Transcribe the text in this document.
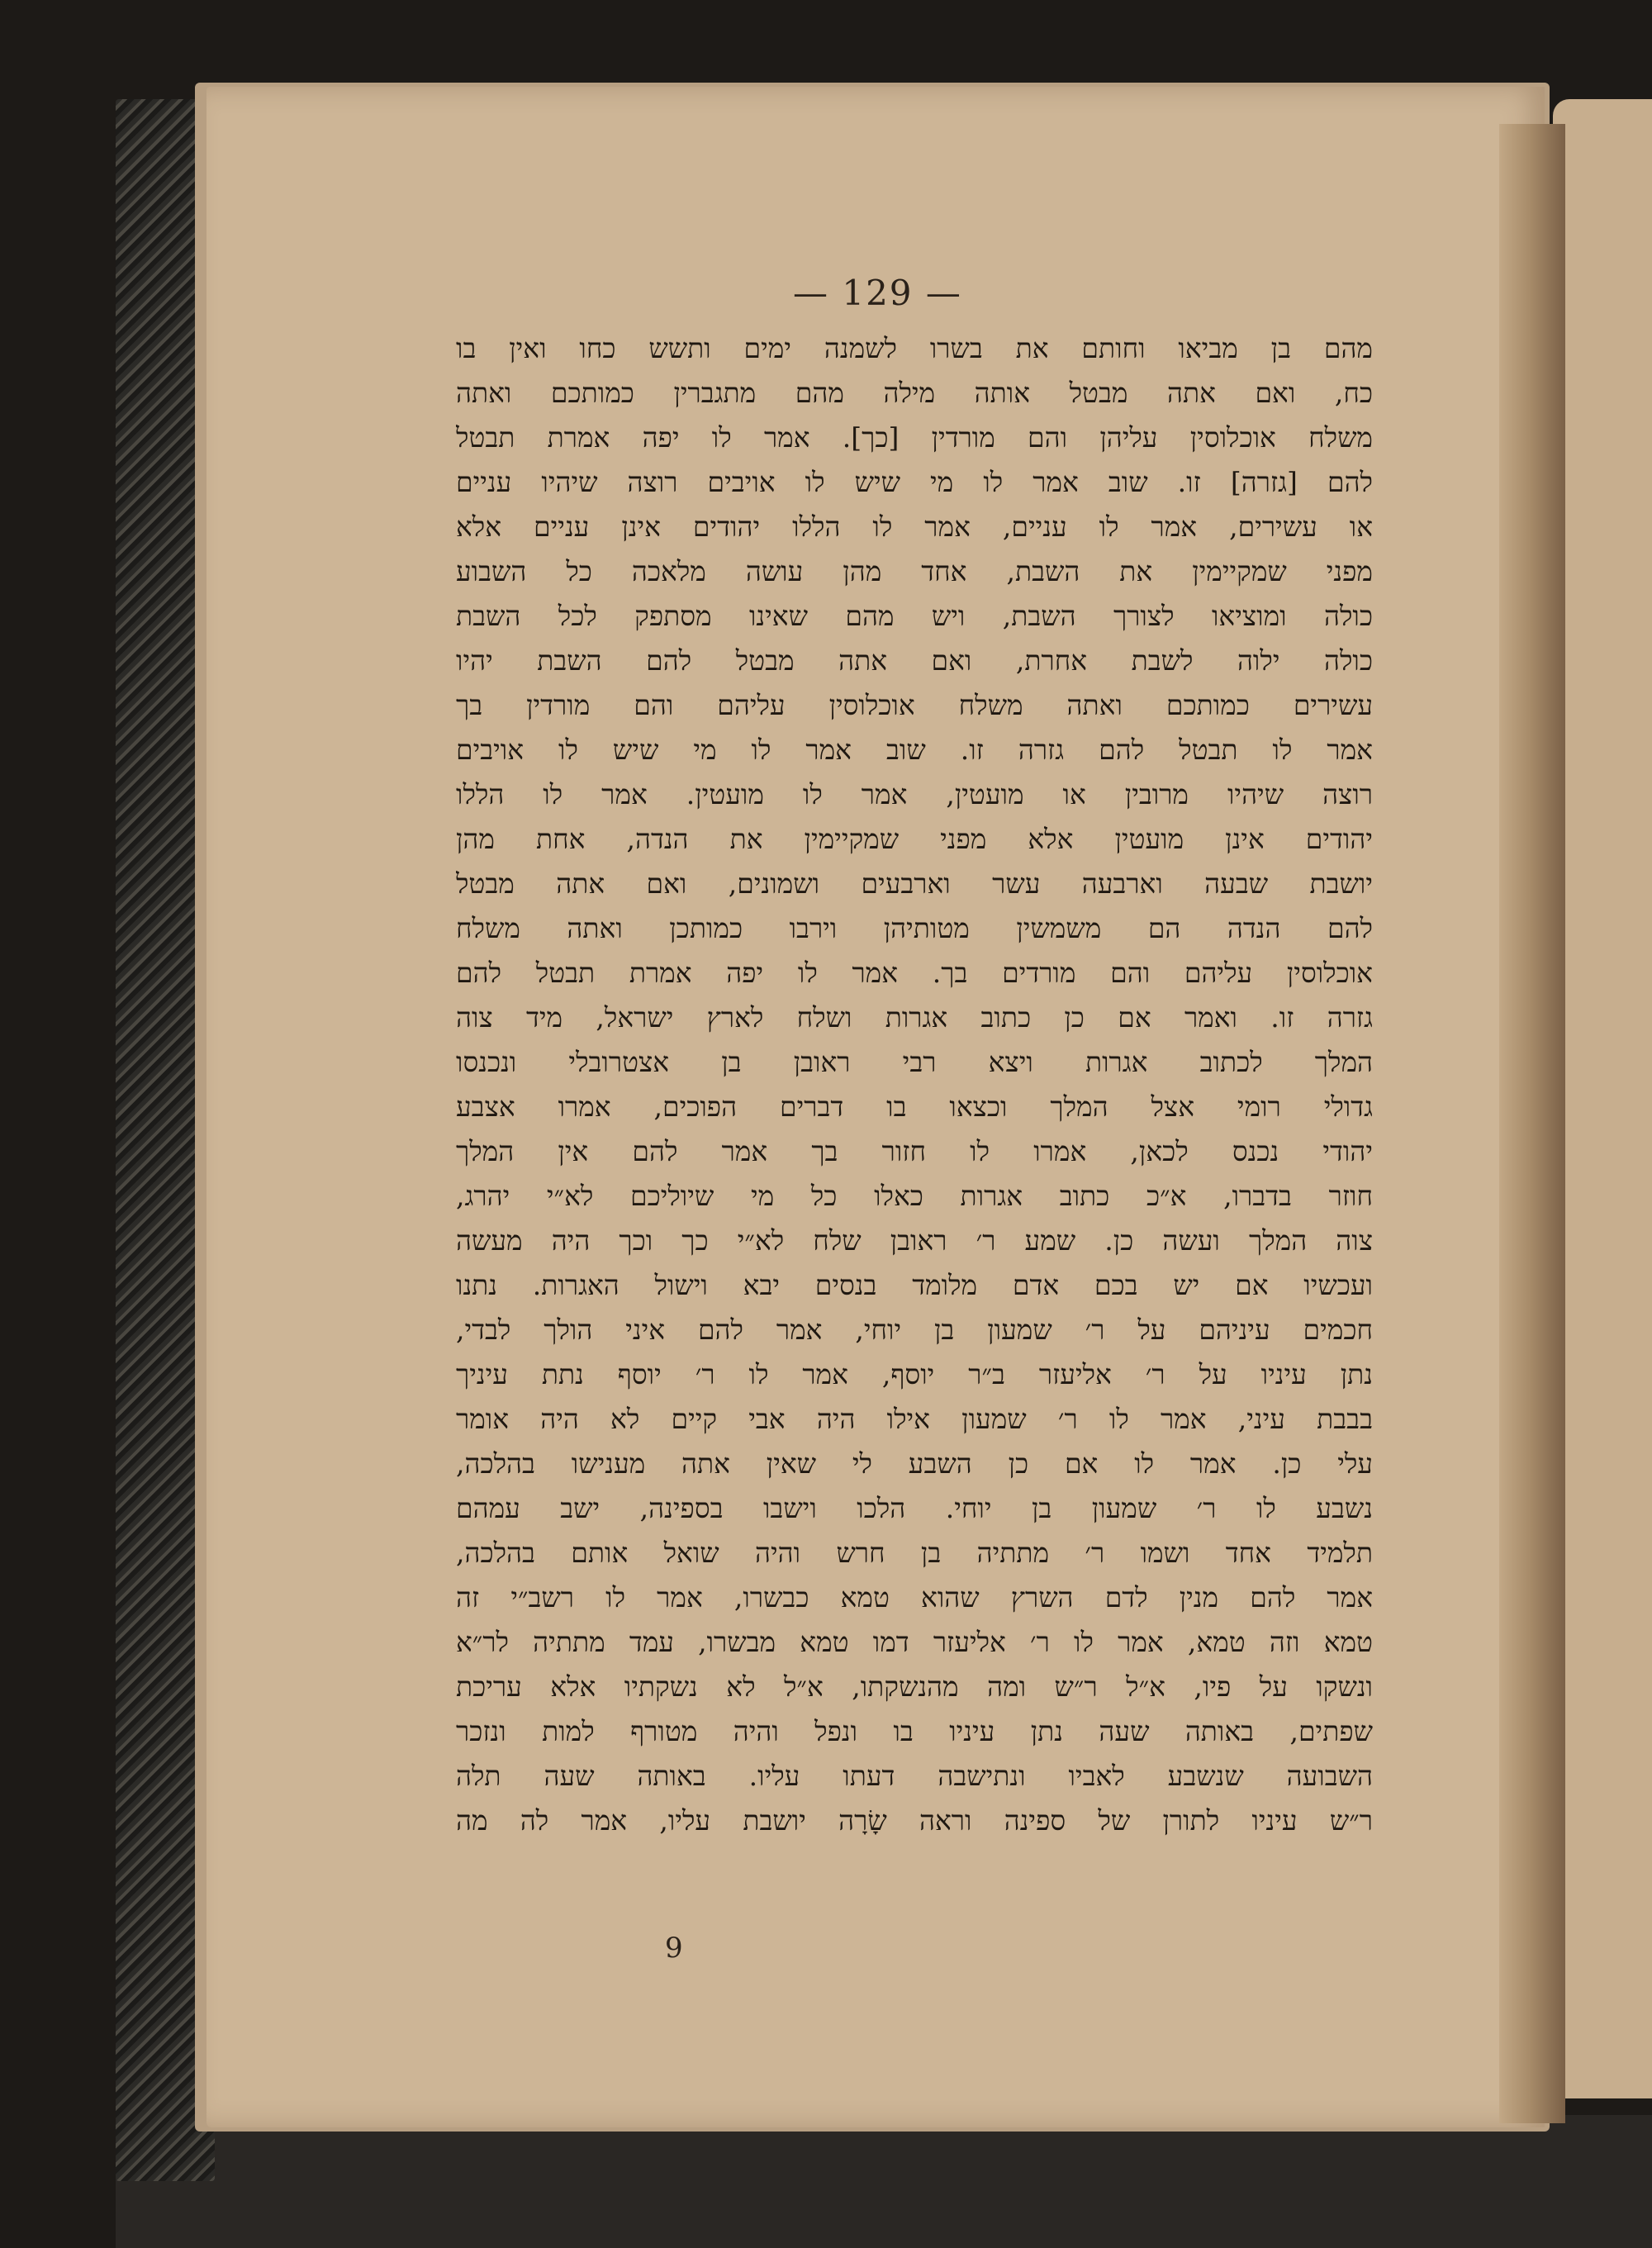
— 129 —
מהם בן מביאו וחותם את בשרו לשמנה ימים ותשש כחו ואין בו
כח, ואם אתה מבטל אותה מילה מהם מתגברין כמותכם ואתה
משלח אוכלוסין עליהן והם מורדין [כך]. אמר לו יפה אמרת תבטל
להם [גזרה] זו. שוב אמר לו מי שיש לו אויבים רוצה שיהיו עניים
או עשירים, אמר לו עניים, אמר לו הללו יהודים אינן עניים אלא
מפני שמקיימין את השבת, אחד מהן עושה מלאכה כל השבוע
כולה ומוציאו לצורך השבת, ויש מהם שאינו מסתפק לכל השבת
כולה ילוה לשבת אחרת, ואם אתה מבטל להם השבת יהיו
עשירים כמותכם ואתה משלח אוכלוסין עליהם והם מורדין בך
אמר לו תבטל להם גזרה זו. שוב אמר לו מי שיש לו אויבים
רוצה שיהיו מרובין או מועטין, אמר לו מועטין. אמר לו הללו
יהודים אינן מועטין אלא מפני שמקיימין את הנדה, אחת מהן
יושבת שבעה וארבעה עשר וארבעים ושמונים, ואם אתה מבטל
להם הנדה הם משמשין מטותיהן וירבו כמותכן ואתה משלח
אוכלוסין עליהם והם מורדים בך. אמר לו יפה אמרת תבטל להם
גזרה זו. ואמר אם כן כתוב אגרות ושלח לארץ ישראל, מיד צוה
המלך לכתוב אגרות ויצא רבי ראובן בן אצטרובלי ונכנסו
גדולי רומי אצל המלך וכצאו בו דברים הפוכים, אמרו אצבע
יהודי נכנס לכאן, אמרו לו חזור בך אמר להם אין המלך
חוזר בדברו, א״כ כתוב אגרות כאלו כל מי שיוליכם לא״י יהרג,
צוה המלך ועשה כן. שמע ר׳ ראובן שלח לא״י כך וכך היה מעשה
ועכשיו אם יש בכם אדם מלומד בנסים יבא וישול האגרות. נתנו
חכמים עיניהם על ר׳ שמעון בן יוחי, אמר להם איני הולך לבדי,
נתן עיניו על ר׳ אליעזר ב״ר יוסף, אמר לו ר׳ יוסף נתת עיניך
בבבת עיני, אמר לו ר׳ שמעון אילו היה אבי קיים לא היה אומר
עלי כן. אמר לו אם כן השבע לי שאין אתה מענישו בהלכה,
נשבע לו ר׳ שמעון בן יוחי. הלכו וישבו בספינה, ישב עמהם
תלמיד אחד ושמו ר׳ מתתיה בן חרש והיה שואל אותם בהלכה,
אמר להם מנין לדם השרץ שהוא טמא כבשרו, אמר לו רשב״י זה
טמא וזה טמא, אמר לו ר׳ אליעזר דמו טמא מבשרו, עמד מתתיה לר״א
ונשקו על פיו, א״ל ר״ש ומה מהנשקתו, א״ל לא נשקתיו אלא עריכת
שפתים, באותה שעה נתן עיניו בו ונפל והיה מטורף למות ונזכר
השבועה שנשבע לאביו ונתישבה דעתו עליו. באותה שעה תלה
ר״ש עיניו לתורן של ספינה וראה שָׂרָה יושבת עליו, אמר לה מה
9
